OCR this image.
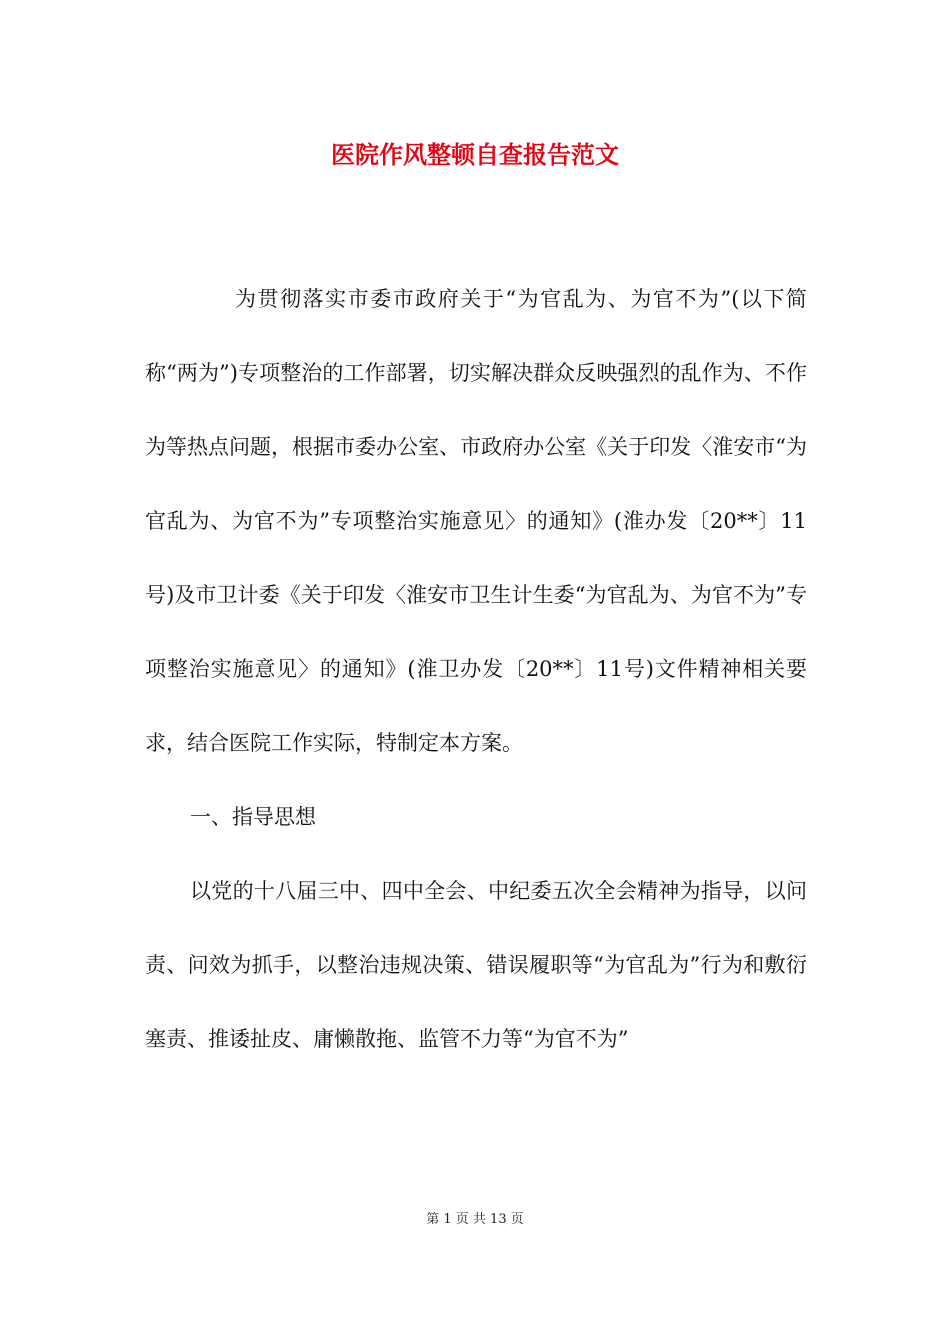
医院作风整顿自查报告范文

为贯彻落实市委市政府关于“为官乱为、为官不为”(以下简称“两为”)专项整治的工作部署，切实解决群众反映强烈的乱作为、不作为等热点问题，根据市委办公室、市政府办公室《关于印发〈淮安市“为官乱为、为官不为”专项整治实施意见〉的通知》(淮办发〔20**〕11号)及市卫计委《关于印发〈淮安市卫生计生委“为官乱为、为官不为”专项整治实施意见〉的通知》(淮卫办发〔20**〕11号)文件精神相关要求，结合医院工作实际，特制定本方案。

一、指导思想

以党的十八届三中、四中全会、中纪委五次全会精神为指导，以问责、问效为抓手，以整治违规决策、错误履职等“为官乱为”行为和敷衍塞责、推诿扯皮、庸懒散拖、监管不力等“为官不为”

第 1 页 共 13 页
